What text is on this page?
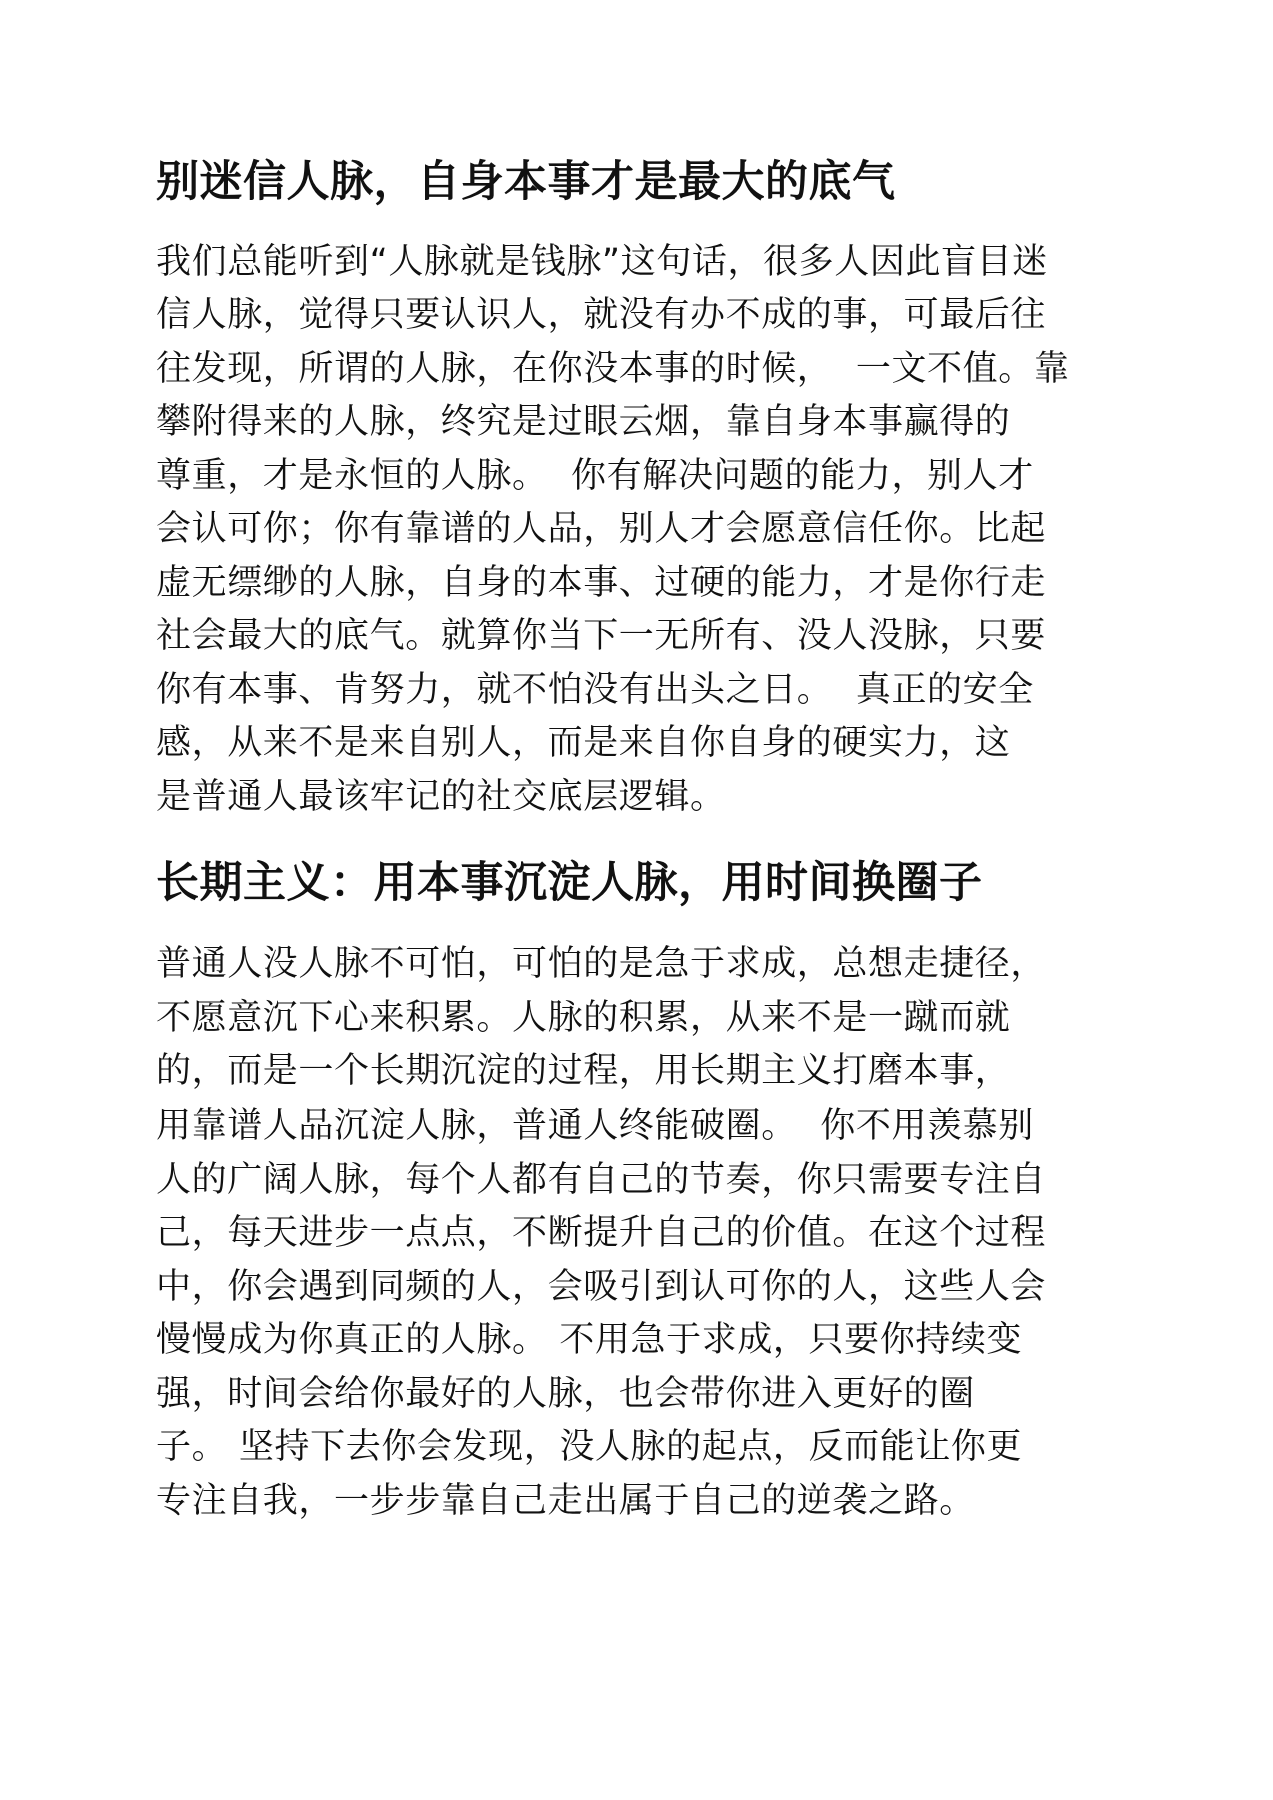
别迷信人脉，自身本事才是最大的底气

我们总能听到“人脉就是钱脉”这句话，很多人因此盲目迷

信人脉，觉得只要认识人，就没有办不成的事，可最后往

往发现，所谓的人脉，在你没本事的时候，  一文不值。靠

攀附得来的人脉，终究是过眼云烟，靠自身本事赢得的

尊重，才是永恒的人脉。  你有解决问题的能力，别人才

会认可你；你有靠谱的人品，别人才会愿意信任你。比起

虚无缥缈的人脉，自身的本事、过硬的能力，才是你行走

社会最大的底气。就算你当下一无所有、没人没脉，只要

你有本事、肯努力，就不怕没有出头之日。  真正的安全

感，从来不是来自别人，而是来自你自身的硬实力，这

是普通人最该牢记的社交底层逻辑。

长期主义：用本事沉淀人脉，用时间换圈子

普通人没人脉不可怕，可怕的是急于求成，总想走捷径，

不愿意沉下心来积累。人脉的积累，从来不是一蹴而就

的，而是一个长期沉淀的过程，用长期主义打磨本事，

用靠谱人品沉淀人脉，普通人终能破圈。  你不用羡慕别

人的广阔人脉，每个人都有自己的节奏，你只需要专注自

己，每天进步一点点，不断提升自己的价值。在这个过程

中，你会遇到同频的人，会吸引到认可你的人，这些人会

慢慢成为你真正的人脉。 不用急于求成，只要你持续变

强，时间会给你最好的人脉，也会带你进入更好的圈

子。 坚持下去你会发现，没人脉的起点，反而能让你更

专注自我，一步步靠自己走出属于自己的逆袭之路。
